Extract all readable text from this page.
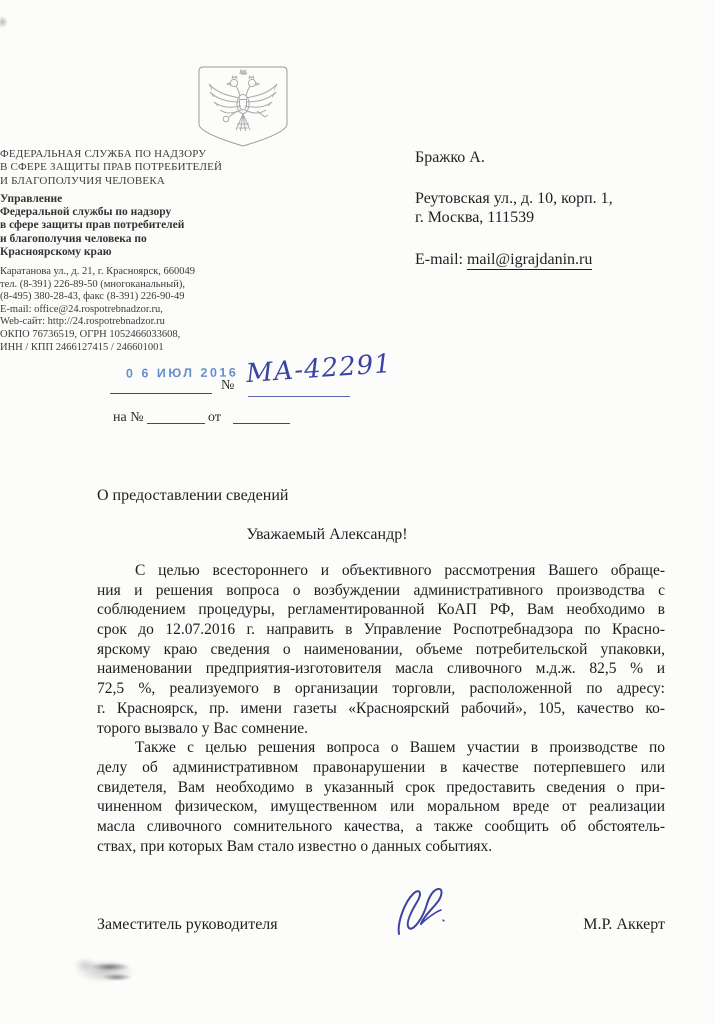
ФЕДЕРАЛЬНАЯ СЛУЖБА ПО НАДЗОРУ
В СФЕРЕ ЗАЩИТЫ ПРАВ ПОТРЕБИТЕЛЕЙ
И БЛАГОПОЛУЧИЯ ЧЕЛОВЕКА
Управление
Федеральной службы по надзору
в сфере защиты прав потребителей
и благополучия человека по
Красноярскому краю
Каратанова ул., д. 21, г. Красноярск, 660049
тел. (8-391) 226-89-50 (многоканальный),
(8-495) 380-28-43, факс (8-391) 226-90-49
E-mail: office@24.rospotrebnadzor.ru,
Web-сайт: http://24.rospotrebnadzor.ru
ОКПО 76736519, ОГРН 1052466033608,
ИНН / КПП 2466127415 / 246601001
0 6 ИЮЛ 2016
№ МА-42291
на №	от
Бражко А.
Реутовская ул., д. 10, корп. 1,
г. Москва, 111539
E-mail: mail@igrajdanin.ru
О предоставлении сведений
Уважаемый Александр!
С целью всестороннего и объективного рассмотрения Вашего обраще-
ния и решения вопроса о возбуждении административного производства с
соблюдением процедуры, регламентированной КоАП РФ, Вам необходимо в
срок до 12.07.2016 г. направить в Управление Роспотребнадзора по Красно-
ярскому краю сведения о наименовании, объеме потребительской упаковки,
наименовании предприятия-изготовителя масла сливочного м.д.ж. 82,5 % и
72,5 %, реализуемого в организации торговли, расположенной по адресу:
г. Красноярск, пр. имени газеты «Красноярский рабочий», 105, качество ко-
торого вызвало у Вас сомнение.
Также с целью решения вопроса о Вашем участии в производстве по
делу об административном правонарушении в качестве потерпевшего или
свидетеля, Вам необходимо в указанный срок предоставить сведения о при-
чиненном физическом, имущественном или моральном вреде от реализации
масла сливочного сомнительного качества, а также сообщить об обстоятель-
ствах, при которых Вам стало известно о данных событиях.
Заместитель руководителя	М.Р. Аккерт
